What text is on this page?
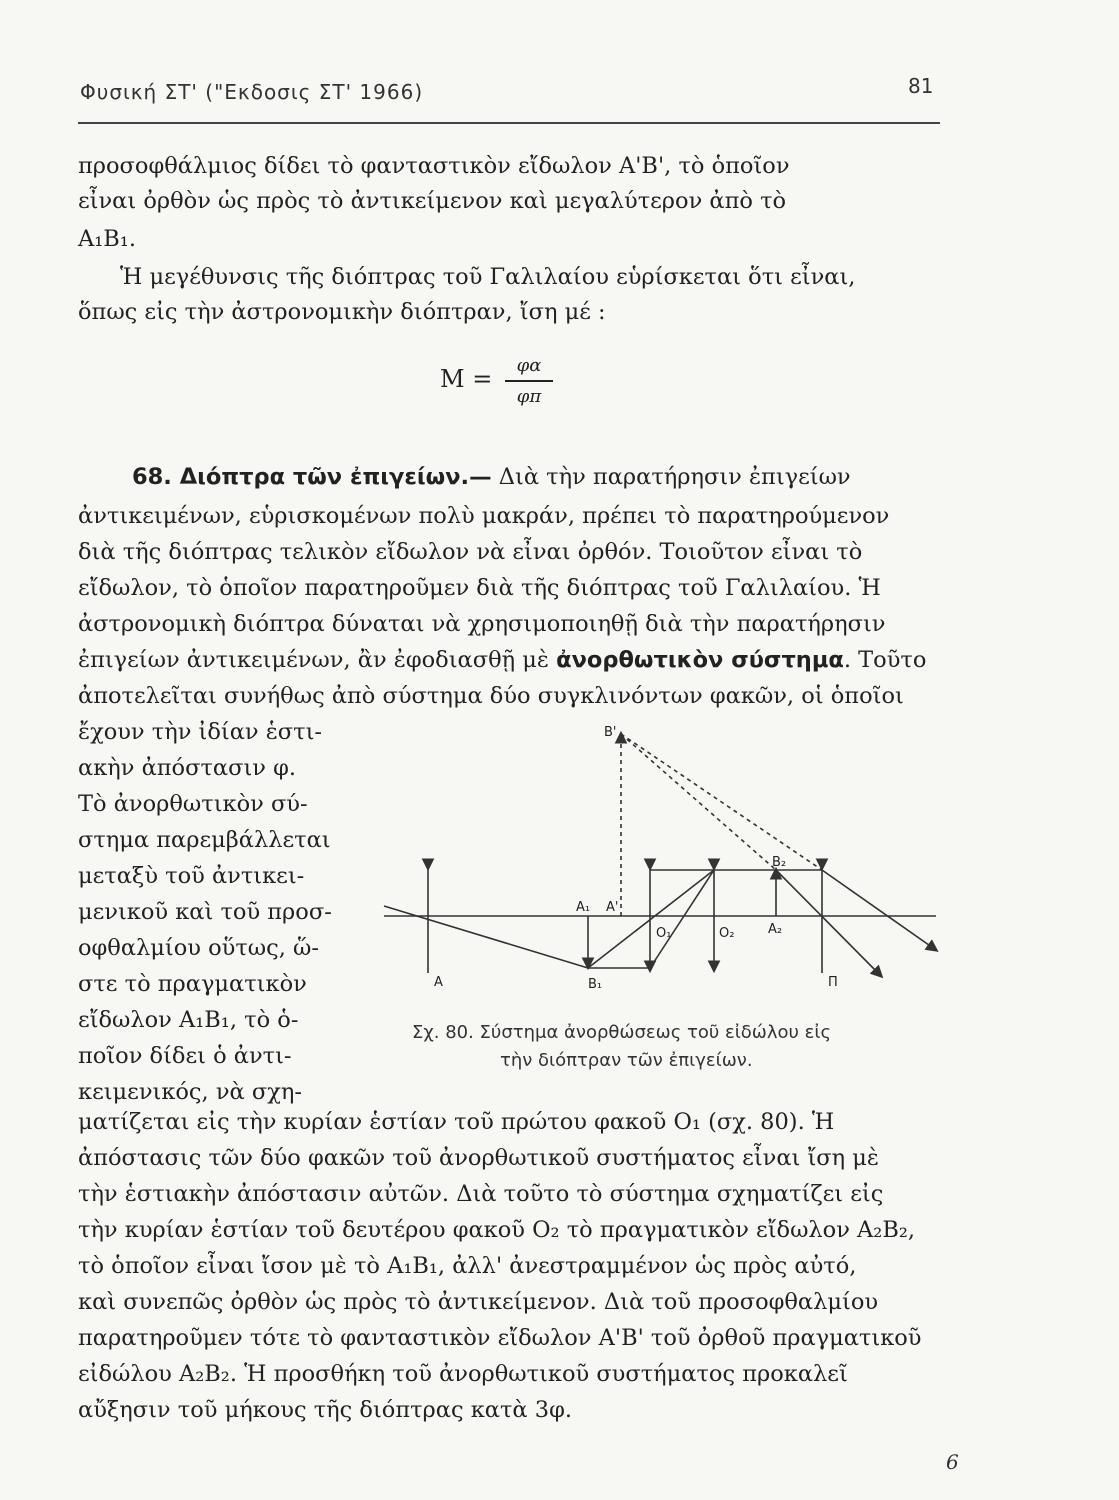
Φυσική ΣΤ' ("Εκδοσις ΣΤ' 1966)	81
προσοφθάλμιος δίδει τὸ φανταστικὸν εἴδωλον Α'Β', τὸ ὁποῖον
εἶναι ὀρθὸν ὡς πρὸς τὸ ἀντικείμενον καὶ μεγαλύτερον ἀπὸ τὸ
Α₁Β₁.
Ἡ μεγέθυνσις τῆς διόπτρας τοῦ Γαλιλαίου εὑρίσκεται ὅτι εἶναι,
ὅπως εἰς τὴν ἀστρονομικὴν διόπτραν, ἴση μέ :
M =	φα
φπ
68. Διόπτρα τῶν ἐπιγείων.— Διὰ τὴν παρατήρησιν ἐπιγείων
ἀντικειμένων, εὑρισκομένων πολὺ μακράν, πρέπει τὸ παρατηρούμενον
διὰ τῆς διόπτρας τελικὸν εἴδωλον νὰ εἶναι ὀρθόν. Τοιοῦτον εἶναι τὸ
εἴδωλον, τὸ ὁποῖον παρατηροῦμεν διὰ τῆς διόπτρας τοῦ Γαλιλαίου. Ἡ
ἀστρονομικὴ διόπτρα δύναται νὰ χρησιμοποιηθῇ διὰ τὴν παρατήρησιν
ἐπιγείων ἀντικειμένων, ἂν ἐφοδιασθῇ μὲ ἀνορθωτικὸν σύστημα. Τοῦτο
ἀποτελεῖται συνήθως ἀπὸ σύστημα δύο συγκλινόντων φακῶν, οἱ ὁποῖοι
ἔχουν τὴν ἰδίαν ἑστι-
ακὴν ἀπόστασιν φ.
Τὸ ἀνορθωτικὸν σύ-
στημα παρεμβάλλεται
μεταξὺ τοῦ ἀντικει-
μενικοῦ καὶ τοῦ προσ-
οφθαλμίου οὕτως, ὥ-
στε τὸ πραγματικὸν
εἴδωλον Α₁Β₁, τὸ ὁ-
ποῖον δίδει ὁ ἀντι-
κειμενικός, νὰ σχη-
B'
A
A₁ A'
B₁
O₁	O₂
B₂
A₂
Π
Σχ. 80. Σύστημα ἀνορθώσεως τοῦ εἰδώλου εἰς
τὴν διόπτραν τῶν ἐπιγείων.
ματίζεται εἰς τὴν κυρίαν ἑστίαν τοῦ πρώτου φακοῦ Ο₁ (σχ. 80). Ἡ
ἀπόστασις τῶν δύο φακῶν τοῦ ἀνορθωτικοῦ συστήματος εἶναι ἴση μὲ
τὴν ἑστιακὴν ἀπόστασιν αὐτῶν. Διὰ τοῦτο τὸ σύστημα σχηματίζει εἰς
τὴν κυρίαν ἑστίαν τοῦ δευτέρου φακοῦ Ο₂ τὸ πραγματικὸν εἴδωλον Α₂Β₂,
τὸ ὁποῖον εἶναι ἴσον μὲ τὸ Α₁Β₁, ἀλλ' ἀνεστραμμένον ὡς πρὸς αὐτό,
καὶ συνεπῶς ὀρθὸν ὡς πρὸς τὸ ἀντικείμενον. Διὰ τοῦ προσοφθαλμίου
παρατηροῦμεν τότε τὸ φανταστικὸν εἴδωλον Α'Β' τοῦ ὀρθοῦ πραγματικοῦ
εἰδώλου Α₂Β₂. Ἡ προσθήκη τοῦ ἀνορθωτικοῦ συστήματος προκαλεῖ
αὔξησιν τοῦ μήκους τῆς διόπτρας κατὰ 3φ.
6
